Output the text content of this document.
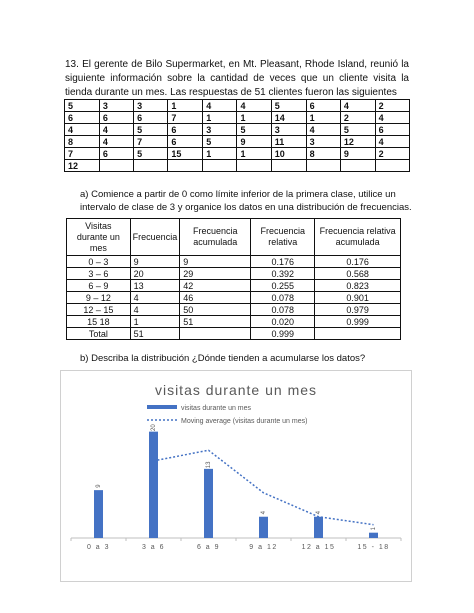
13. El gerente de Bilo Supermarket, en Mt. Pleasant, Rhode Island, reunió la siguiente información sobre la cantidad de veces que un cliente visita la tienda durante un mes. Las respuestas de 51 clientes fueron las siguientes
5	3	3	1	4	4	5	6	4	2
6	6	6	7	1	1	14	1	2	4
4	4	5	6	3	5	3	4	5	6
8	4	7	6	5	9	11	3	12	4
7	6	5	15	1	1	10	8	9	2
12									
a) Comience a partir de 0 como límite inferior de la primera clase, utilice un intervalo de clase de 3 y organice los datos en una distribución de frecuencias.
Visitas durante un mes	Frecuencia	Frecuencia acumulada	Frecuencia relativa	Frecuencia relativa acumulada
0 – 3	9	9	0.176	0.176
3 – 6	20	29	0.392	0.568
6 – 9	13	42	0.255	0.823
9 – 12	4	46	0.078	0.901
12 – 15	4	50	0.078	0.979
15 18	1	51	0.020	0.999
Total	51		0.999	
b) Describa la distribución ¿Dónde tienden a acumularse los datos?
visitas durante un mes
visitas durante un mes
Moving average (visitas durante un mes)
9
0 a 3
20
3 a 6
13
6 a 9
4
9 a 12
4
12 a 15
1
15 - 18
